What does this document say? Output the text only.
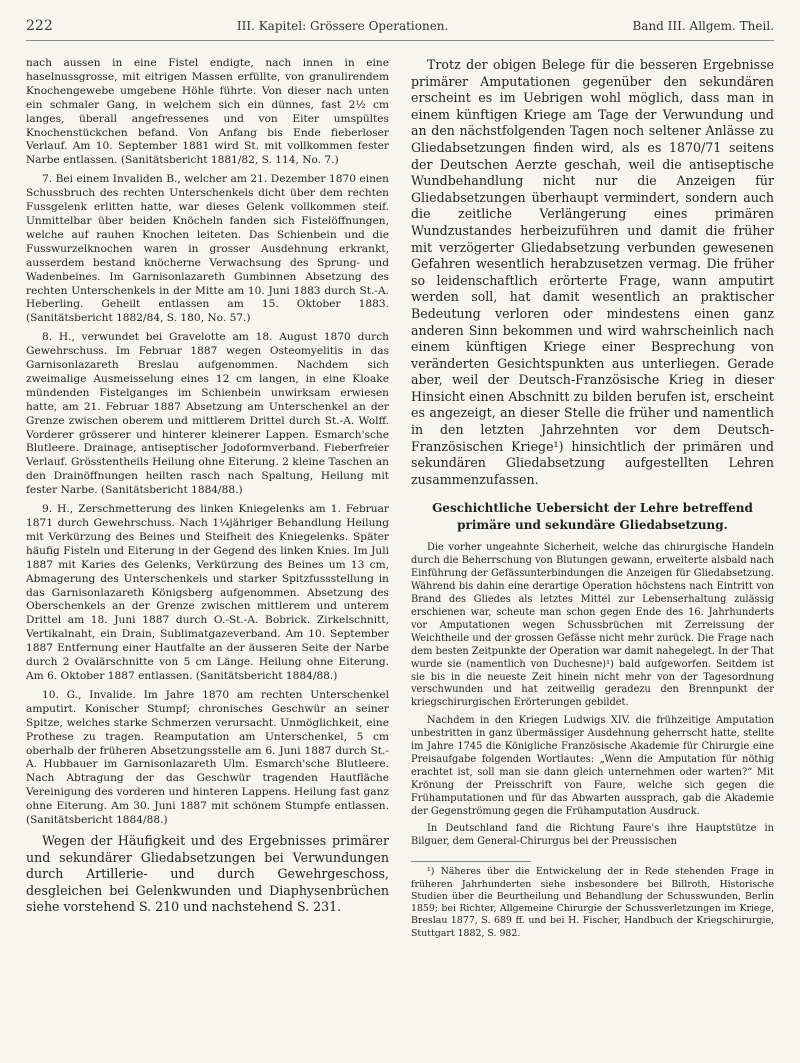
222	III. Kapitel: Grössere Operationen.	Band III. Allgem. Theil.

nach aussen in eine Fistel endigte, nach innen in eine haselnussgrosse, mit eitrigen Massen erfüllte, von granulirendem Knochengewebe umgebene Höhle führte. Von dieser nach unten ein schmaler Gang, in welchem sich ein dünnes, fast 2½ cm langes, überall angefressenes und von Eiter umspültes Knochenstückchen befand. Von Anfang bis Ende fieberloser Verlauf. Am 10. September 1881 wird St. mit vollkommen fester Narbe entlassen. (Sanitätsbericht 1881/82, S. 114, No. 7.)

7. Bei einem Invaliden B., welcher am 21. Dezember 1870 einen Schussbruch des rechten Unterschenkels dicht über dem rechten Fussgelenk erlitten hatte, war dieses Gelenk vollkommen steif. Unmittelbar über beiden Knöcheln fanden sich Fistelöffnungen, welche auf rauhen Knochen leiteten. Das Schienbein und die Fusswurzelknochen waren in grosser Ausdehnung erkrankt, ausserdem bestand knöcherne Verwachsung des Sprung- und Wadenbeines. Im Garnisonlazareth Gumbinnen Absetzung des rechten Unterschenkels in der Mitte am 10. Juni 1883 durch St.-A. Heberling. Geheilt entlassen am 15. Oktober 1883. (Sanitätsbericht 1882/84, S. 180, No. 57.)

8. H., verwundet bei Gravelotte am 18. August 1870 durch Gewehrschuss. Im Februar 1887 wegen Osteomyelitis in das Garnisonlazareth Breslau aufgenommen. Nachdem sich zweimalige Ausmeisselung eines 12 cm langen, in eine Kloake mündenden Fistelganges im Schienbein unwirksam erwiesen hatte, am 21. Februar 1887 Absetzung am Unterschenkel an der Grenze zwischen oberem und mittlerem Drittel durch St.-A. Wolff. Vorderer grösserer und hinterer kleinerer Lappen. Esmarch'sche Blutleere. Drainage, antiseptischer Jodoformverband. Fieberfreier Verlauf. Grösstentheils Heilung ohne Eiterung. 2 kleine Taschen an den Drainöffnungen heilten rasch nach Spaltung, Heilung mit fester Narbe. (Sanitätsbericht 1884/88.)

9. H., Zerschmetterung des linken Kniegelenks am 1. Februar 1871 durch Gewehrschuss. Nach 1¼jähriger Behandlung Heilung mit Verkürzung des Beines und Steifheit des Kniegelenks. Später häufig Fisteln und Eiterung in der Gegend des linken Knies. Im Juli 1887 mit Karies des Gelenks, Verkürzung des Beines um 13 cm, Abmagerung des Unterschenkels und starker Spitzfussstellung in das Garnisonlazareth Königsberg aufgenommen. Absetzung des Oberschenkels an der Grenze zwischen mittlerem und unterem Drittel am 18. Juni 1887 durch O.-St.-A. Bobrick. Zirkelschnitt, Vertikalnaht, ein Drain, Sublimatgazeverband. Am 10. September 1887 Entfernung einer Hautfalte an der äusseren Seite der Narbe durch 2 Ovalärschnitte von 5 cm Länge. Heilung ohne Eiterung. Am 6. Oktober 1887 entlassen. (Sanitätsbericht 1884/88.)

10. G., Invalide. Im Jahre 1870 am rechten Unterschenkel amputirt. Konischer Stumpf; chronisches Geschwür an seiner Spitze, welches starke Schmerzen verursacht. Unmöglichkeit, eine Prothese zu tragen. Reamputation am Unterschenkel, 5 cm oberhalb der früheren Absetzungsstelle am 6. Juni 1887 durch St.-A. Hubbauer im Garnisonlazareth Ulm. Esmarch'sche Blutleere. Nach Abtragung der das Geschwür tragenden Hautfläche Vereinigung des vorderen und hinteren Lappens. Heilung fast ganz ohne Eiterung. Am 30. Juni 1887 mit schönem Stumpfe entlassen. (Sanitätsbericht 1884/88.)

Wegen der Häufigkeit und des Ergebnisses primärer und sekundärer Gliedabsetzungen bei Verwundungen durch Artillerie- und durch Gewehrgeschoss, desgleichen bei Gelenkwunden und Diaphysenbrüchen siehe vorstehend S. 210 und nachstehend S. 231.

Trotz der obigen Belege für die besseren Ergebnisse primärer Amputationen gegenüber den sekundären erscheint es im Uebrigen wohl möglich, dass man in einem künftigen Kriege am Tage der Verwundung und an den nächstfolgenden Tagen noch seltener Anlässe zu Gliedabsetzungen finden wird, als es 1870/71 seitens der Deutschen Aerzte geschah, weil die antiseptische Wundbehandlung nicht nur die Anzeigen für Gliedabsetzungen überhaupt vermindert, sondern auch die zeitliche Verlängerung eines primären Wundzustandes herbeizuführen und damit die früher mit verzögerter Gliedabsetzung verbunden gewesenen Gefahren wesentlich herabzusetzen vermag. Die früher so leidenschaftlich erörterte Frage, wann amputirt werden soll, hat damit wesentlich an praktischer Bedeutung verloren oder mindestens einen ganz anderen Sinn bekommen und wird wahrscheinlich nach einem künftigen Kriege einer Besprechung von veränderten Gesichtspunkten aus unterliegen. Gerade aber, weil der Deutsch-Französische Krieg in dieser Hinsicht einen Abschnitt zu bilden berufen ist, erscheint es angezeigt, an dieser Stelle die früher und namentlich in den letzten Jahrzehnten vor dem Deutsch-Französischen Kriege¹) hinsichtlich der primären und sekundären Gliedabsetzung aufgestellten Lehren zusammenzufassen.

Geschichtliche Uebersicht der Lehre betreffend
primäre und sekundäre Gliedabsetzung.

Die vorher ungeahnte Sicherheit, welche das chirurgische Handeln durch die Beherrschung von Blutungen gewann, erweiterte alsbald nach Einführung der Gefässunterbindungen die Anzeigen für Gliedabsetzung. Während bis dahin eine derartige Operation höchstens nach Eintritt von Brand des Gliedes als letztes Mittel zur Lebenserhaltung zulässig erschienen war, scheute man schon gegen Ende des 16. Jahrhunderts vor Amputationen wegen Schussbrüchen mit Zerreissung der Weichtheile und der grossen Gefässe nicht mehr zurück. Die Frage nach dem besten Zeitpunkte der Operation war damit nahegelegt. In der That wurde sie (namentlich von Duchesne)¹) bald aufgeworfen. Seitdem ist sie bis in die neueste Zeit hinein nicht mehr von der Tagesordnung verschwunden und hat zeitweilig geradezu den Brennpunkt der kriegschirurgischen Erörterungen gebildet.

Nachdem in den Kriegen Ludwigs XIV. die frühzeitige Amputation unbestritten in ganz übermässiger Ausdehnung geherrscht hatte, stellte im Jahre 1745 die Königliche Französische Akademie für Chirurgie eine Preisaufgabe folgenden Wortlautes: „Wenn die Amputation für nöthig erachtet ist, soll man sie dann gleich unternehmen oder warten?“ Mit Krönung der Preisschrift von Faure, welche sich gegen die Frühamputationen und für das Abwarten aussprach, gab die Akademie der Gegenströmung gegen die Frühamputation Ausdruck.

In Deutschland fand die Richtung Faure's ihre Hauptstütze in Bilguer, dem General-Chirurgus bei der Preussischen

¹) Näheres über die Entwickelung der in Rede stehenden Frage in früheren Jahrhunderten siehe insbesondere bei Billroth, Historische Studien über die Beurtheilung und Behandlung der Schusswunden, Berlin 1859; bei Richter, Allgemeine Chirurgie der Schussverletzungen im Kriege, Breslau 1877, S. 689 ff. und bei H. Fischer, Handbuch der Kriegschirurgie, Stuttgart 1882, S. 982.
